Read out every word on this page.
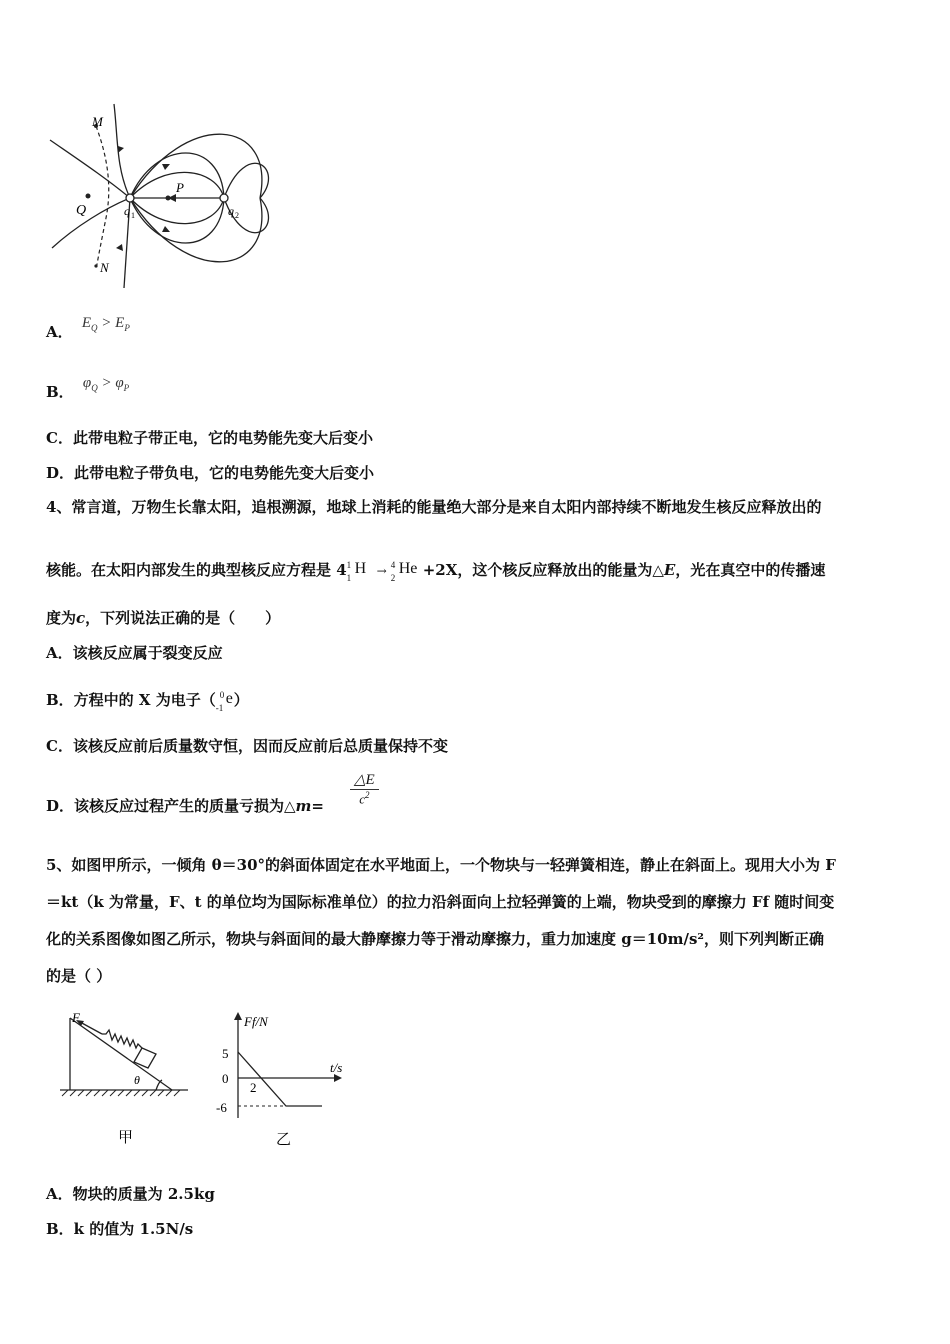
M
N
Q
P
q 1	q 2
A． $E_Q > E_P$
B． $\varphi_Q > \varphi_P$
C．此带电粒子带正电，它的电势能先变大后变小
D．此带电粒子带负电，它的电势能先变大后变小
4、常言道，万物生长靠太阳，追根溯源，地球上消耗的能量绝大部分是来自太阳内部持续不断地发生核反应释放出的
核能。在太阳内部发生的典型核反应方程是 4 1
1
H → 4
2
He +2X，这个核反应释放出的能量为△E，光在真空中的传播速
度为c，下列说法正确的是（　　）
A．该核反应属于裂变反应
B．方程中的 X 为电子（ 0
-1
e ）
C．该核反应前后质量数守恒，因而反应前后总质量保持不变
D．该核反应过程产生的质量亏损为△m= $\frac{\triangle E}{c^2}$
5、如图甲所示，一倾角 θ＝30°的斜面体固定在水平地面上，一个物块与一轻弹簧相连，静止在斜面上。现用大小为 F
＝kt（k 为常量，F、t 的单位均为国际标准单位）的拉力沿斜面向上拉轻弹簧的上端，物块受到的摩擦力 Ff 随时间变
化的关系图像如图乙所示，物块与斜面间的最大静摩擦力等于滑动摩擦力，重力加速度 g＝10m/s²，则下列判断正确
的是（ ）
F
θ
甲
Ff/N
t/s
5
0
2
-6
乙
A．物块的质量为 2.5kg
B．k 的值为 1.5N/s
